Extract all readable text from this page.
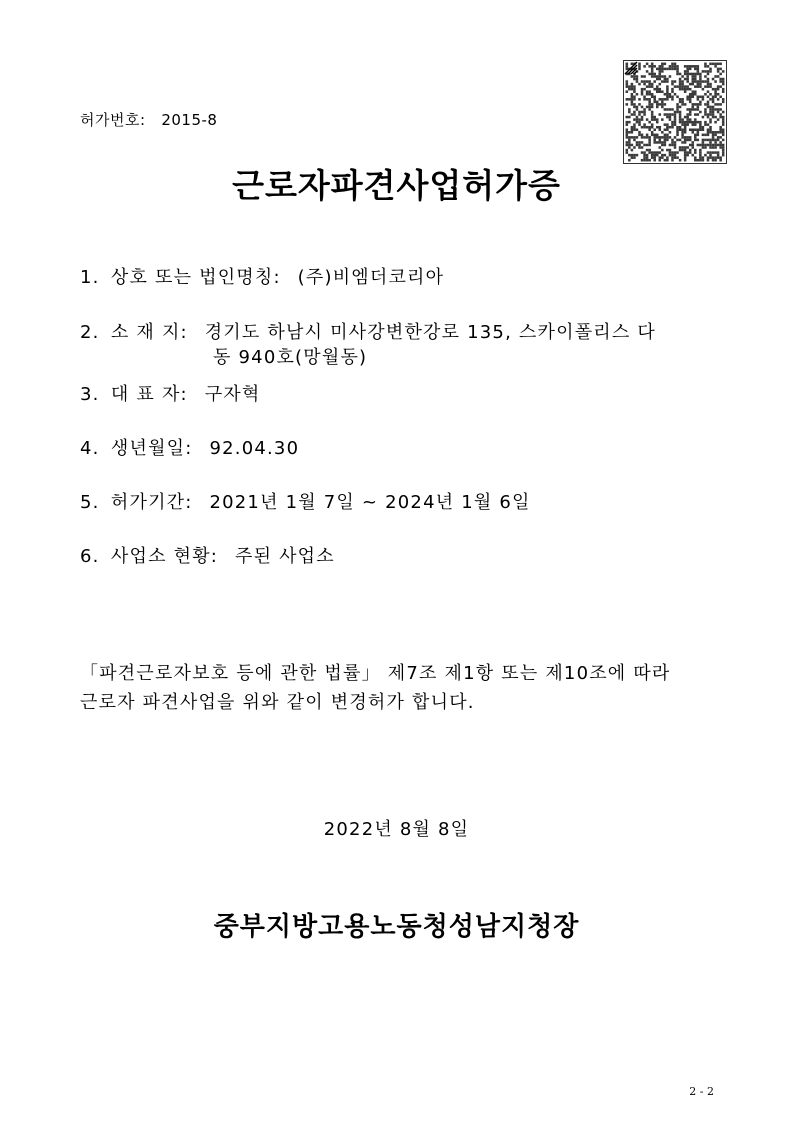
허가번호: 2015-8
근로자파견사업허가증
1. 상호 또는 법인명칭: (주)비엠더코리아
2. 소 재 지: 경기도 하남시 미사강변한강로 135, 스카이폴리스 다
동 940호(망월동)
3. 대 표 자: 구자혁
4. 생년월일: 92.04.30
5. 허가기간: 2021년 1월 7일 ~ 2024년 1월 6일
6. 사업소 현황: 주된 사업소
「파견근로자보호 등에 관한 법률」 제7조 제1항 또는 제10조에 따라
근로자 파견사업을 위와 같이 변경허가 합니다.
2022년 8월 8일
중부지방고용노동청성남지청장
2 - 2
